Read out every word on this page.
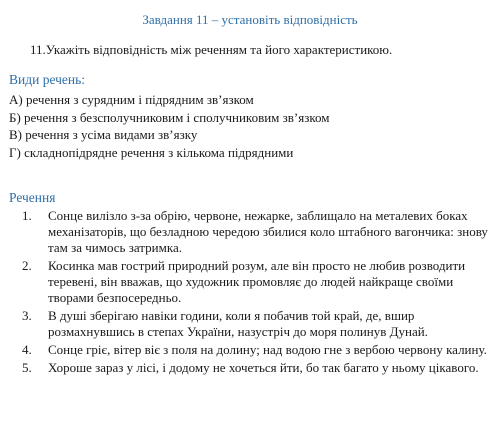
Завдання 11 – установіть відповідність
11.Укажіть відповідність між реченням та його характеристикою.
Види речень:
А) речення з сурядним і підрядним зв’язком
Б) речення з безсполучниковим і сполучниковим зв’язком
В) речення з усіма видами зв’язку
Г) складнопідрядне речення з кількома підрядними
Речення
1.	Сонце вилізло з-за обрію, червоне, нежарке, заблищало на металевих боках механізаторів, що безладною чередою збилися коло штабного вагончика: знову там за чимось затримка.
2.	Косинка мав гострий природний розум, але він просто не любив розводити теревені, він вважав, що художник промовляє до людей найкраще своїми творами безпосередньо.
3.	В душі зберігаю навіки години, коли я побачив той край, де, вшир розмахнувшись в степах України, назустріч до моря полинув Дунай.
4.	Сонце гріє, вітер віє з поля на долину; над водою гне з вербою червону калину.
5.	Хороше зараз у лісі, і додому не хочеться йти, бо так багато у ньому цікавого.
